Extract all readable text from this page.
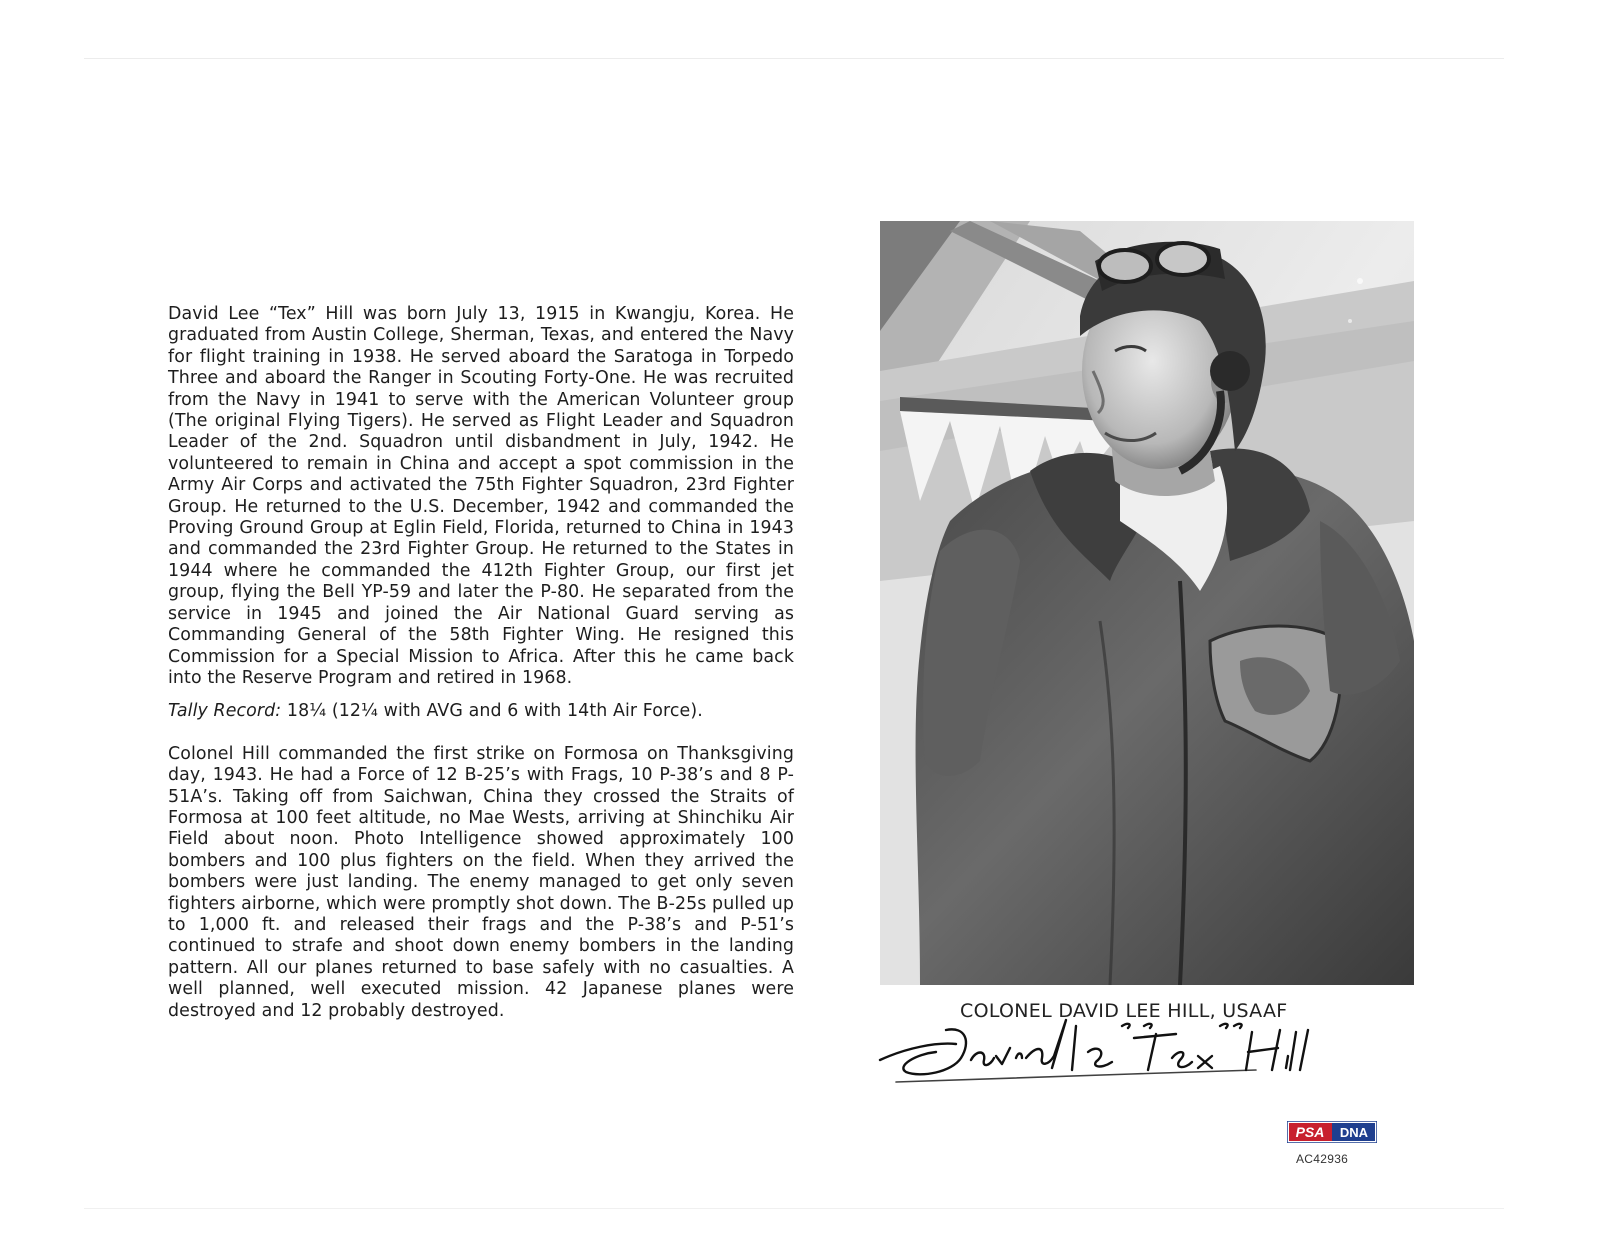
David Lee “Tex” Hill was born July 13, 1915 in Kwangju, Korea. He graduated from Austin College, Sherman, Texas, and entered the Navy for flight training in 1938. He served aboard the Saratoga in Torpedo Three and aboard the Ranger in Scouting Forty-One. He was recruited from the Navy in 1941 to serve with the American Volunteer group (The original Flying Tigers). He served as Flight Leader and Squadron Leader of the 2nd. Squadron until disbandment in July, 1942. He volunteered to remain in China and accept a spot commission in the Army Air Corps and activated the 75th Fighter Squadron, 23rd Fighter Group. He returned to the U.S. December, 1942 and commanded the Proving Ground Group at Eglin Field, Florida, returned to China in 1943 and commanded the 23rd Fighter Group. He returned to the States in 1944 where he commanded the 412th Fighter Group, our first jet group, flying the Bell YP-59 and later the P-80. He separated from the service in 1945 and joined the Air National Guard serving as Commanding General of the 58th Fighter Wing. He resigned this Commission for a Special Mission to Africa. After this he came back into the Reserve Program and retired in 1968.

Tally Record: 18¼ (12¼ with AVG and 6 with 14th Air Force).

Colonel Hill commanded the first strike on Formosa on Thanksgiving day, 1943. He had a Force of 12 B-25’s with Frags, 10 P-38’s and 8 P-51A’s. Taking off from Saichwan, China they crossed the Straits of Formosa at 100 feet altitude, no Mae Wests, arriving at Shinchiku Air Field about noon. Photo Intelligence showed approximately 100 bombers and 100 plus fighters on the field. When they arrived the bombers were just landing. The enemy managed to get only seven fighters airborne, which were promptly shot down. The B-25s pulled up to 1,000 ft. and released their frags and the P-38’s and P-51’s continued to strafe and shoot down enemy bombers in the landing pattern. All our planes returned to base safely with no casualties. A well planned, well executed mission. 42 Japanese planes were destroyed and 12 probably destroyed.	COLONEL DAVID LEE HILL, USAAF
PSA DNA
AC42936
